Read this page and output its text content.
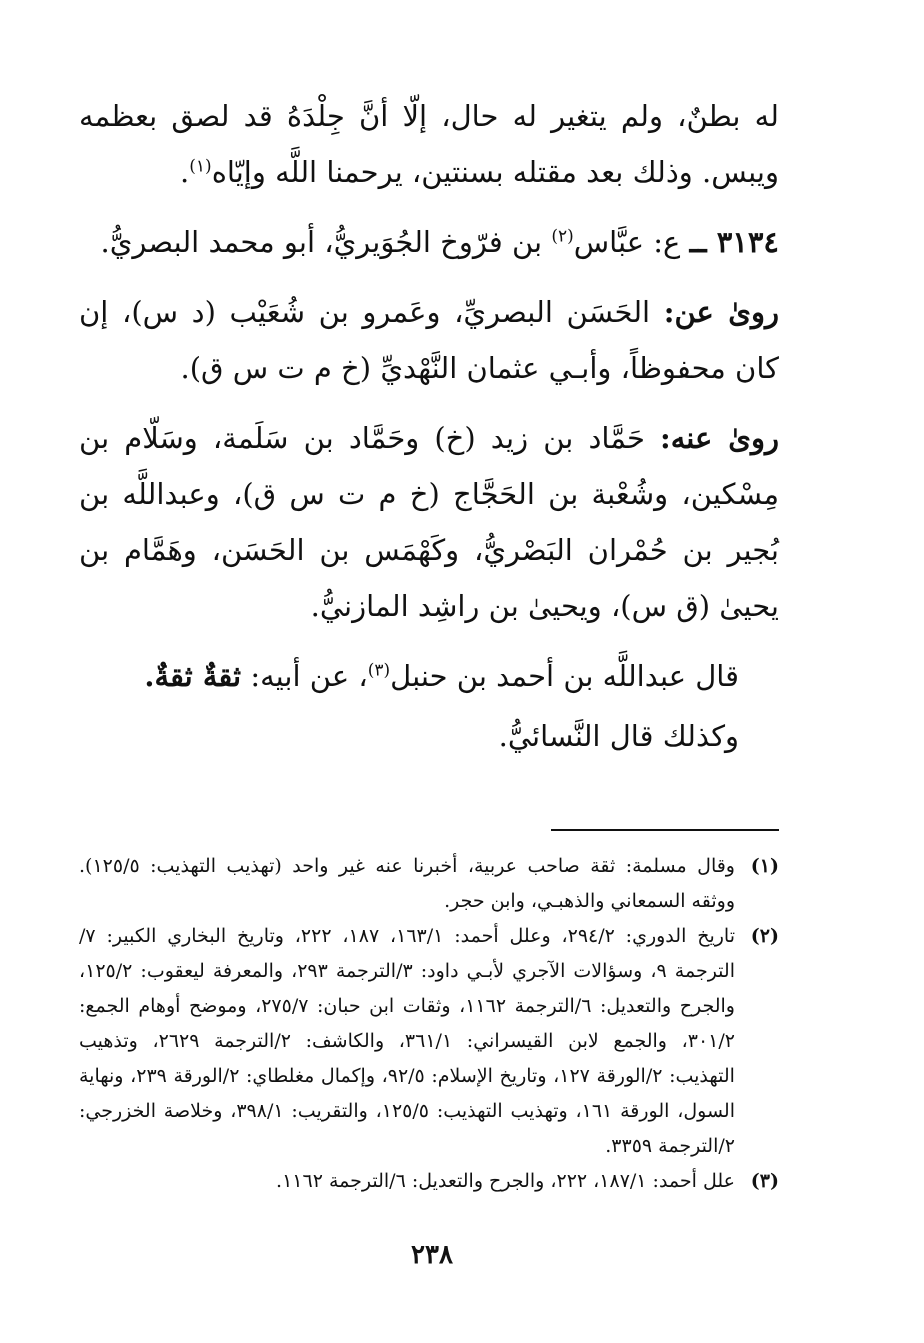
له بطنٌ، ولم يتغير له حال، إلّا أنَّ جِلْدَهُ قد لصق بعظمه ويبس. وذلك بعد مقتله بسنتين، يرحمنا اللَّه وإيّاه$^{(١)}$.

٣١٣٤ ــ ع: عبَّاس$^{(٢)}$ بن فرّوخ الجُوَيريُّ، أبو محمد البصريُّ.

روىٰ عن: الحَسَن البصريِّ، وعَمرو بن شُعَيْب (د س)، إن كان محفوظاً، وأبـي عثمان النَّهْديِّ (خ م ت س ق).

روىٰ عنه: حَمَّاد بن زيد (خ) وحَمَّاد بن سَلَمة، وسَلّام بن مِسْكين، وشُعْبة بن الحَجَّاج (خ م ت س ق)، وعبداللَّه بن بُجير بن حُمْران البَصْريُّ، وكَهْمَس بن الحَسَن، وهَمَّام بن يحيىٰ (ق س)، ويحيىٰ بن راشِد المازنيُّ.

قال عبداللَّه بن أحمد بن حنبل$^{(٣)}$، عن أبيه: ثقةٌ ثقةٌ.

وكذلك قال النَّسائيُّ.

(١)
وقال مسلمة: ثقة صاحب عربية، أخبرنا عنه غير واحد (تهذيب التهذيب: ١٢٥/٥). ووثقه السمعاني والذهبـي، وابن حجر.
(٢)
تاريخ الدوري: ٢٩٤/٢، وعلل أحمد: ١٦٣/١، ١٨٧، ٢٢٢، وتاريخ البخاري الكبير: ٧/الترجمة ٩، وسؤالات الآجري لأبـي داود: ٣/الترجمة ٢٩٣، والمعرفة ليعقوب: ١٢٥/٢، والجرح والتعديل: ٦/الترجمة ١١٦٢، وثقات ابن حبان: ٢٧٥/٧، وموضح أوهام الجمع: ٣٠١/٢، والجمع لابن القيسراني: ٣٦١/١، والكاشف: ٢/الترجمة ٢٦٢٩، وتذهيب التهذيب: ٢/الورقة ١٢٧، وتاريخ الإسلام: ٩٢/٥، وإكمال مغلطاي: ٢/الورقة ٢٣٩، ونهاية السول، الورقة ١٦١، وتهذيب التهذيب: ١٢٥/٥، والتقريب: ٣٩٨/١، وخلاصة الخزرجي: ٢/الترجمة ٣٣٥٩.
(٣)
علل أحمد: ١٨٧/١، ٢٢٢، والجرح والتعديل: ٦/الترجمة ١١٦٢.
٢٣٨
